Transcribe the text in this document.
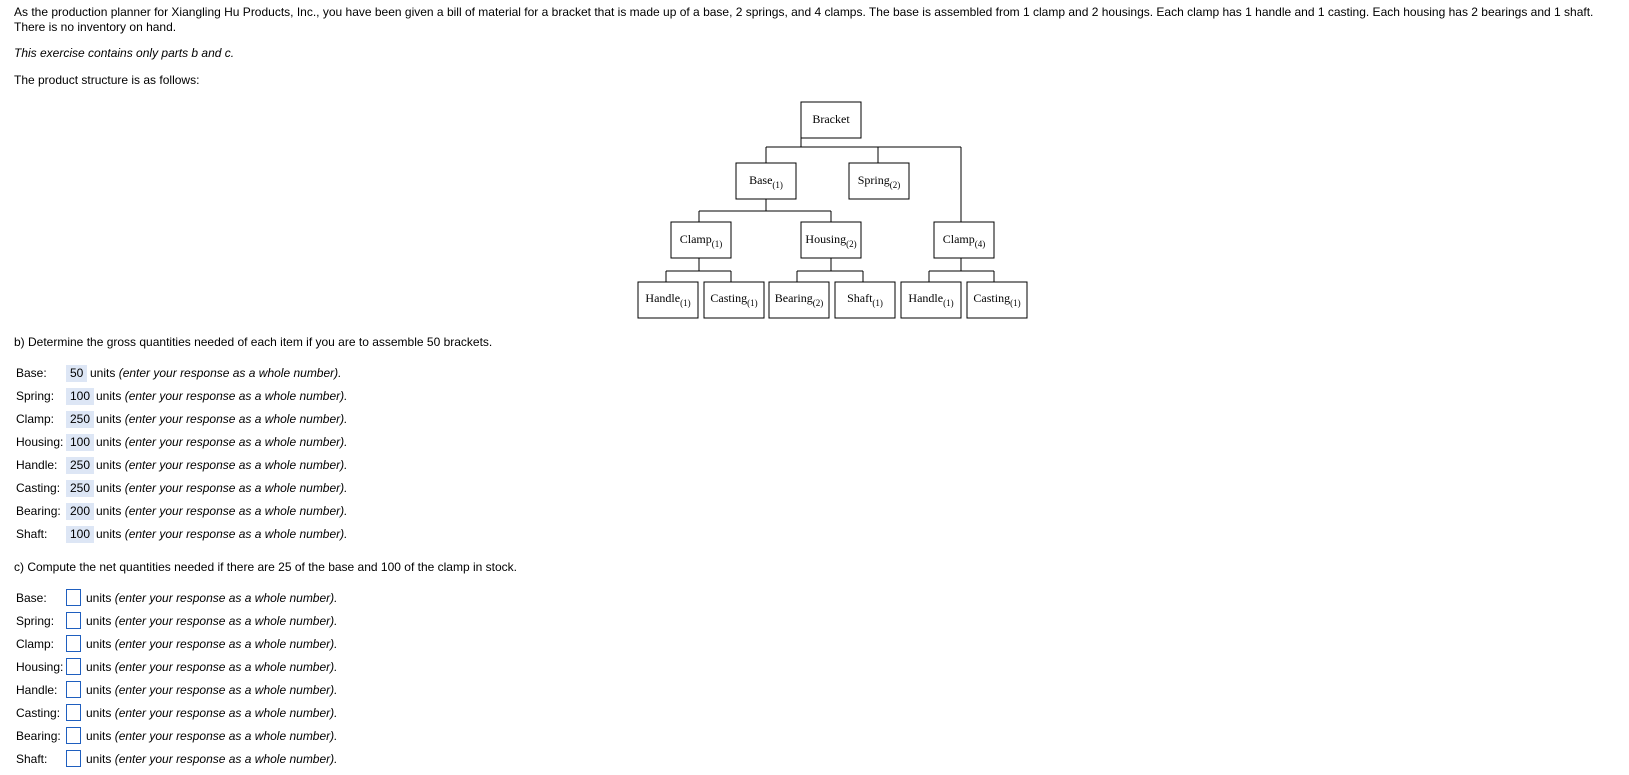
As the production planner for Xiangling Hu Products, Inc., you have been given a bill of material for a bracket that is made up of a base, 2 springs, and 4 clamps. The base is assembled from 1 clamp and 2 housings. Each clamp has 1 handle and 1 casting. Each housing has 2 bearings and 1 shaft. There is no inventory on hand.
This exercise contains only parts b and c.
The product structure is as follows:
Bracket
Base$_{(1)}$	Spring$_{(2)}$
Clamp$_{(1)}$	Housing$_{(2)}$	Clamp$_{(4)}$
Handle$_{(1)}$ Casting$_{(1)}$ Bearing$_{(2)}$ Shaft$_{(1)}$ Handle$_{(1)}$ Casting$_{(1)}$
b) Determine the gross quantities needed of each item if you are to assemble 50 brackets.
Base:	50 units (enter your response as a whole number).
Spring:	100 units (enter your response as a whole number).
Clamp:	250 units (enter your response as a whole number).
Housing: 100 units (enter your response as a whole number).
Handle:	250 units (enter your response as a whole number).
Casting: 250 units (enter your response as a whole number).
Bearing: 200 units (enter your response as a whole number).
Shaft:	100 units (enter your response as a whole number).
c) Compute the net quantities needed if there are 25 of the base and 100 of the clamp in stock.
Base:	units (enter your response as a whole number).
Spring:	units (enter your response as a whole number).
Clamp:	units (enter your response as a whole number).
Housing: units (enter your response as a whole number).
Handle: units (enter your response as a whole number).
Casting: units (enter your response as a whole number).
Bearing: units (enter your response as a whole number).
Shaft:	units (enter your response as a whole number).
